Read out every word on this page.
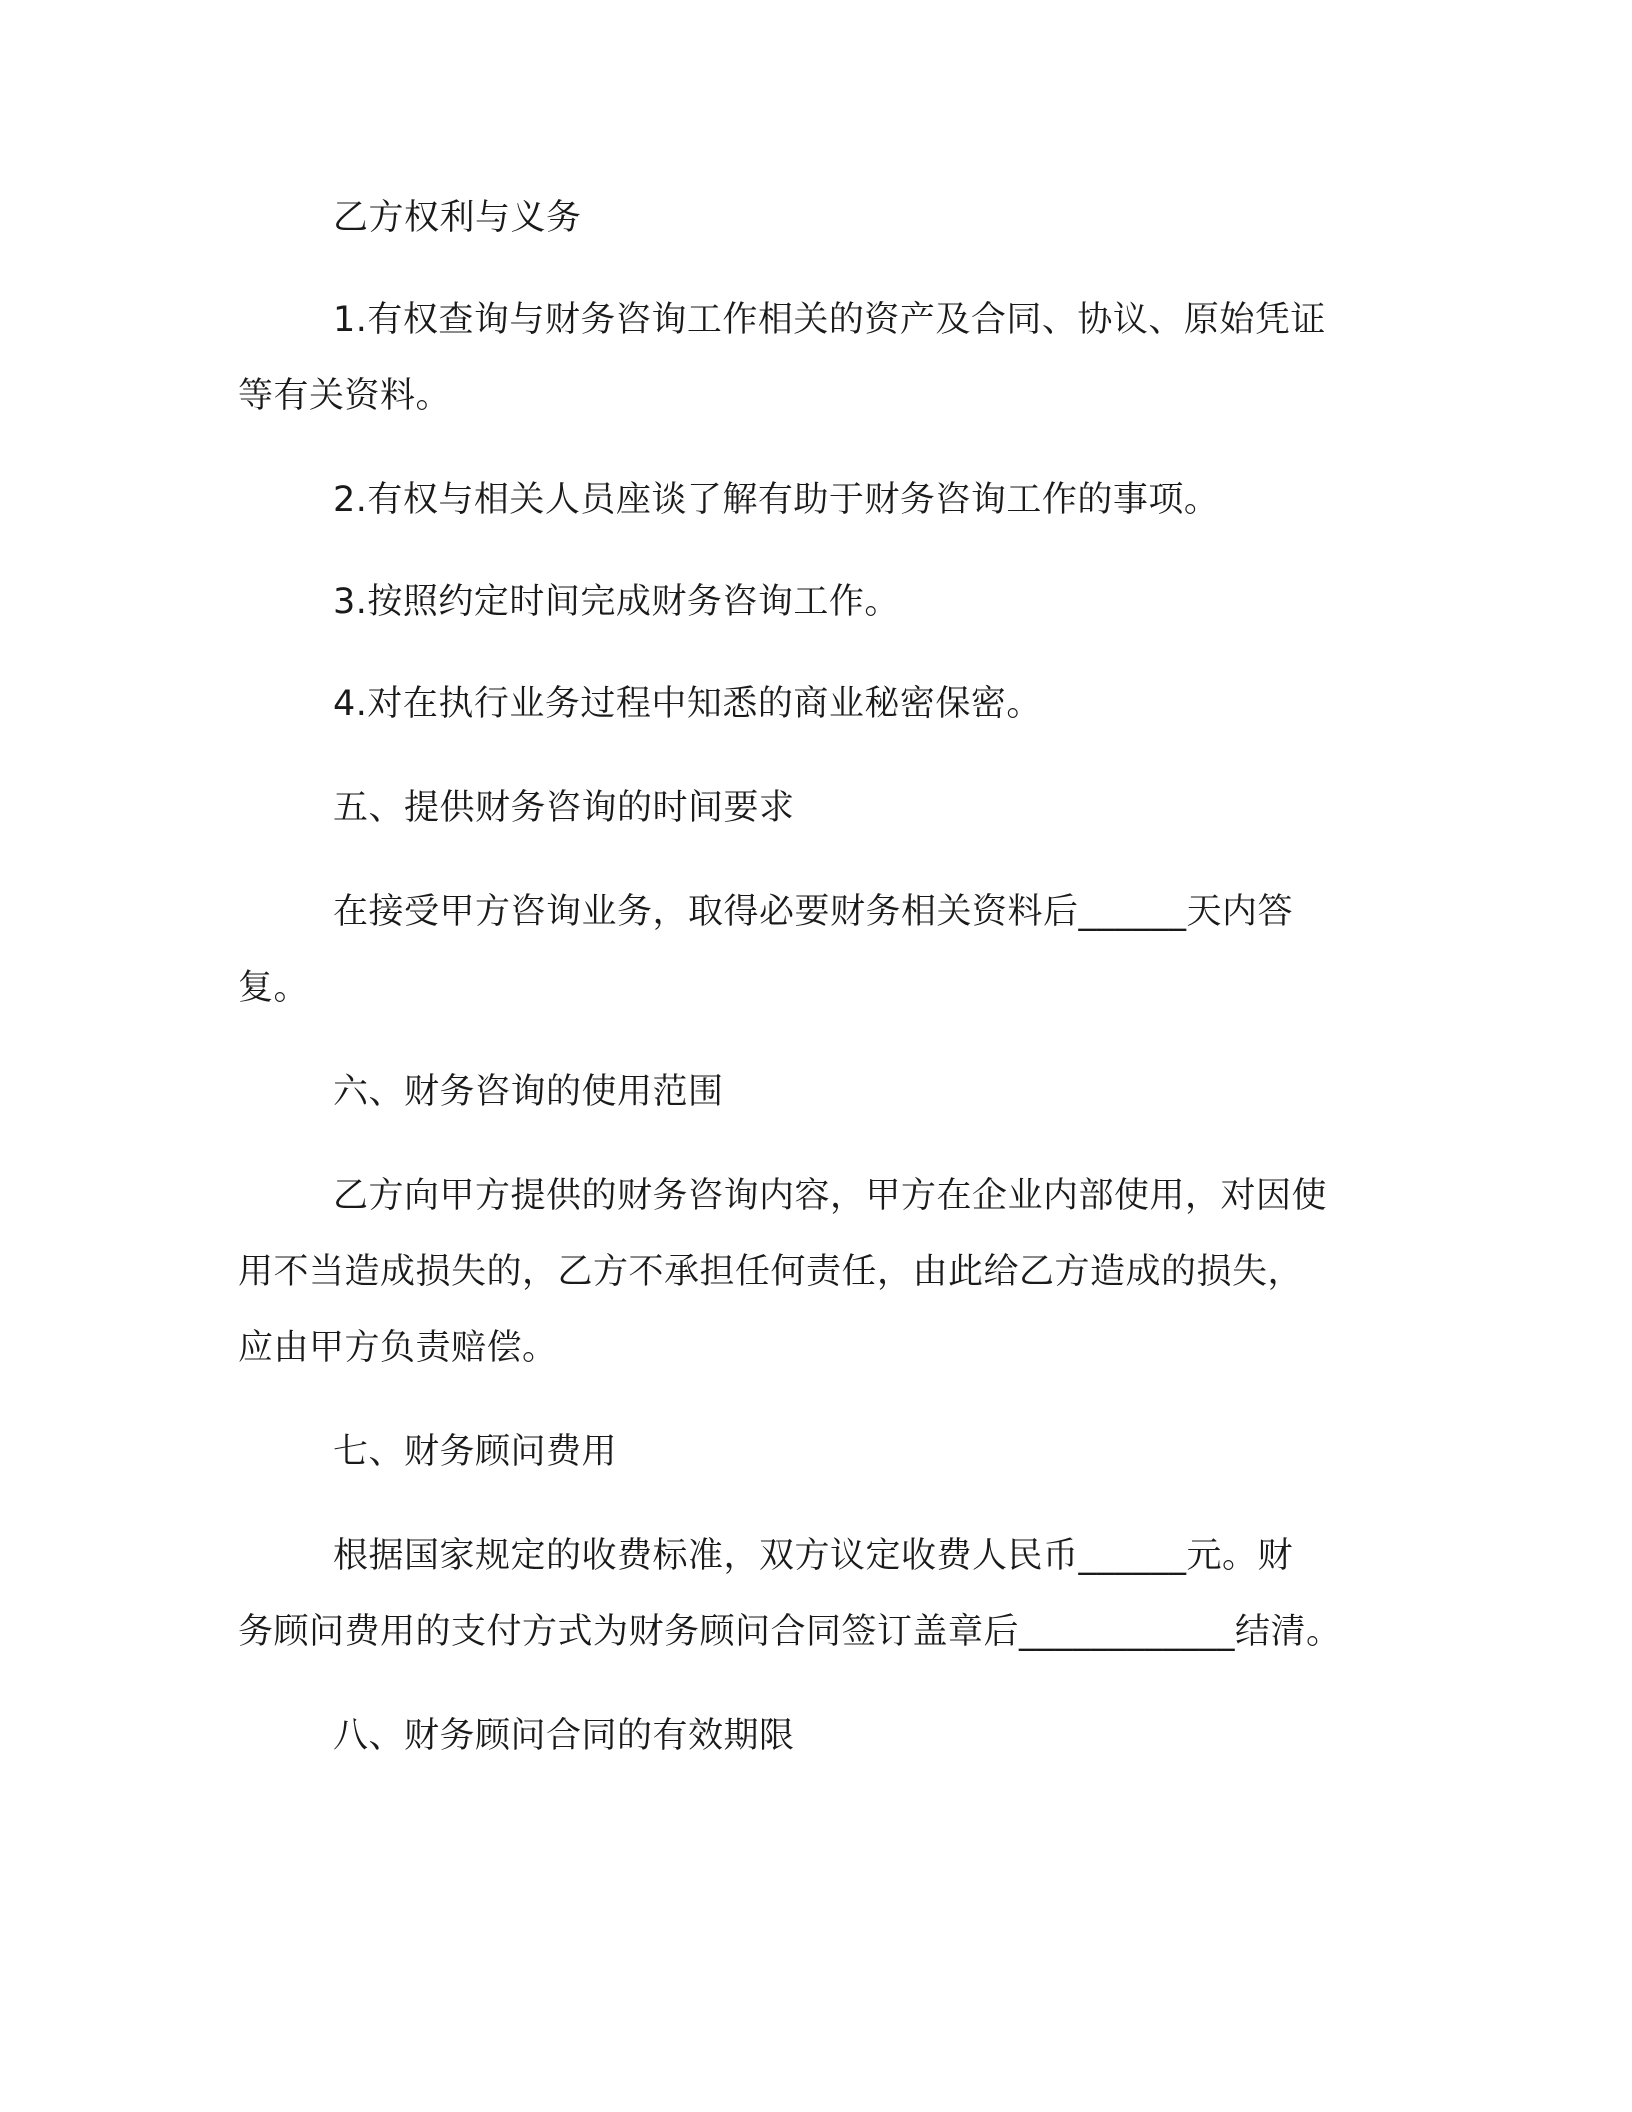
乙方权利与义务
1.有权查询与财务咨询工作相关的资产及合同、协议、原始凭证
等有关资料。
2.有权与相关人员座谈了解有助于财务咨询工作的事项。
3.按照约定时间完成财务咨询工作。
4.对在执行业务过程中知悉的商业秘密保密。
五、提供财务咨询的时间要求
在接受甲方咨询业务，取得必要财务相关资料后______天内答
复。
六、财务咨询的使用范围
乙方向甲方提供的财务咨询内容，甲方在企业内部使用，对因使
用不当造成损失的，乙方不承担任何责任，由此给乙方造成的损失，
应由甲方负责赔偿。
七、财务顾问费用
根据国家规定的收费标准，双方议定收费人民币______元。财
务顾问费用的支付方式为财务顾问合同签订盖章后____________结清。
八、财务顾问合同的有效期限
